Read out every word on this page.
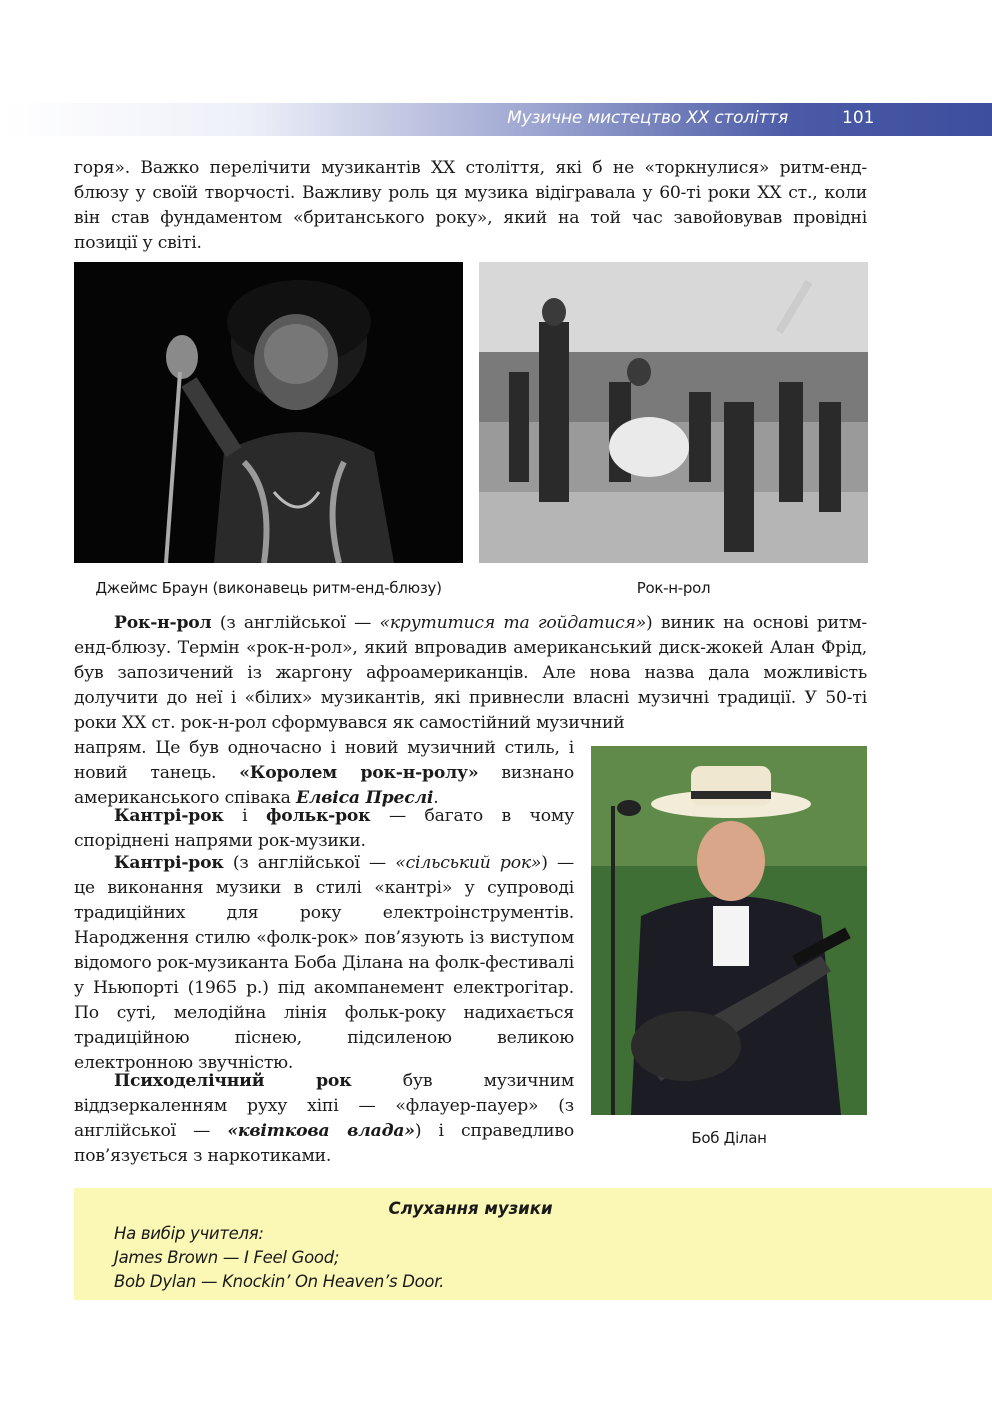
Музичне мистецтво ХХ століття	101

горя». Важко перелічити музикантів ХХ століття, які б не «торкнулися» ритм-енд-блюзу у своїй творчості. Важливу роль ця музика відігравала у 60-ті роки ХХ ст., коли він став фундаментом «британського року», який на той час завойовував провідні позиції у світі.

Джеймс Браун (виконавець ритм-енд-блюзу)	Рок-н-рол

Рок-н-рол (з англійської — «крутитися та гойдатися») виник на основі ритм-енд-блюзу. Термін «рок-н-рол», який впровадив американський диск-жокей Алан Фрід, був запозичений із жаргону афроамериканців. Але нова назва дала можливість долучити до неї і «білих» музикантів, які привнесли власні музичні традиції. У 50-ті роки ХХ ст. рок-н-рол сформувався як самостійний музичний

напрям. Це був одночасно і новий музичний стиль, і новий танець. «Королем рок-н-ролу» визнано американського співака Елвіса Преслі.

Кантрі-рок і фольк-рок — багато в чому споріднені напрями рок-музики.

Кантрі-рок (з англійської — «сільський рок») — це виконання музики в стилі «кантрі» у супроводі традиційних для року електроінструментів. Народження стилю «фолк-рок» пов’язують із виступом відомого рок-музиканта Боба Ділана на фолк-фестивалі у Ньюпорті (1965 р.) під акомпанемент електрогітар. По суті, мелодійна лінія фольк-року надихається традиційною піснею, підсиленою великою електронною звучністю.

Психоделічний рок був музичним віддзеркаленням руху хіпі — «флауер-пауер» (з англійської — «квіткова влада») і справедливо пов’язується з наркотиками.

Боб Ділан
Слухання музики
На вибір учителя:
James Brown — I Feel Good;
Bob Dylan — Knockin’ On Heaven’s Door.
